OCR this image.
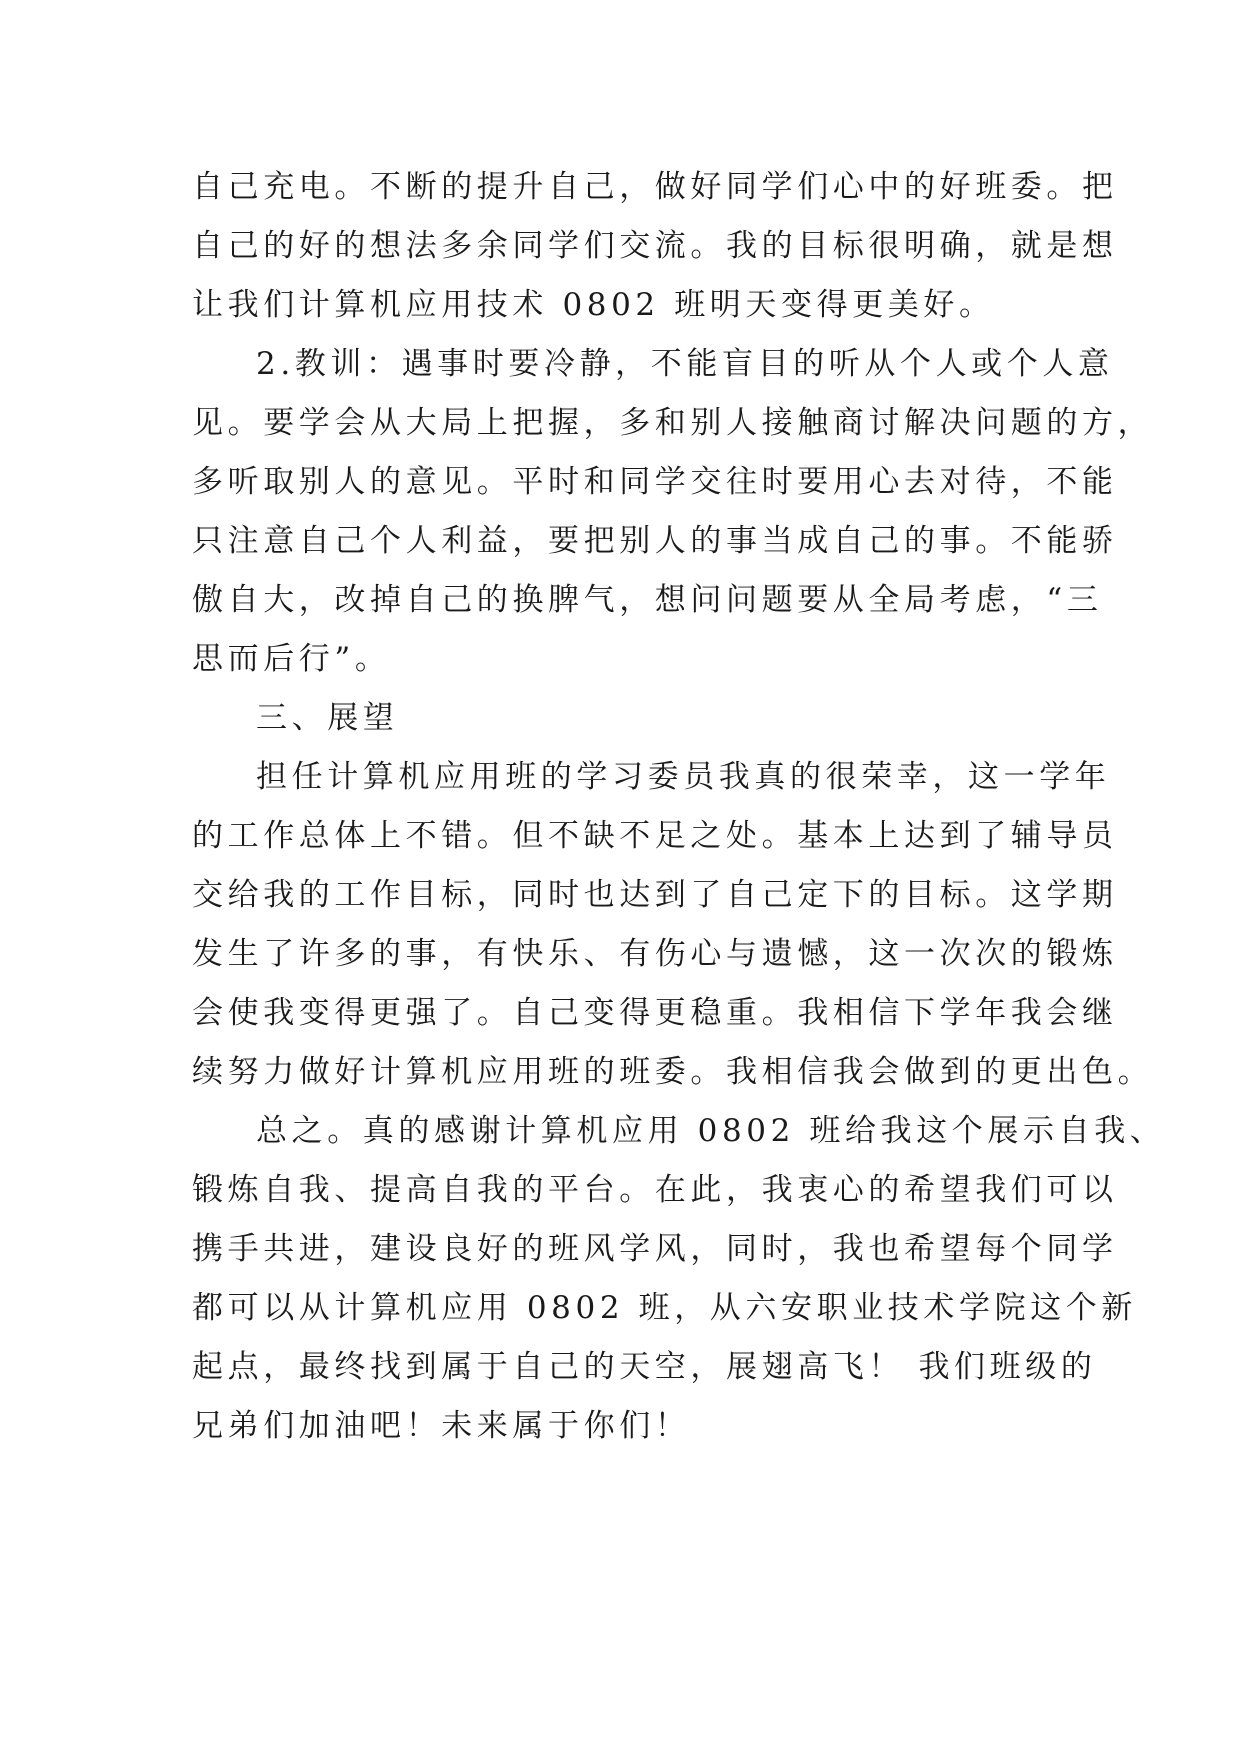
自己充电。不断的提升自己，做好同学们心中的好班委。把
自己的好的想法多余同学们交流。我的目标很明确，就是想
让我们计算机应用技术 0802 班明天变得更美好。
2.教训：遇事时要冷静，不能盲目的听从个人或个人意
见。要学会从大局上把握，多和别人接触商讨解决问题的方，
多听取别人的意见。平时和同学交往时要用心去对待，不能
只注意自己个人利益，要把别人的事当成自己的事。不能骄
傲自大，改掉自己的换脾气，想问问题要从全局考虑，“三
思而后行”。
三、展望
担任计算机应用班的学习委员我真的很荣幸，这一学年
的工作总体上不错。但不缺不足之处。基本上达到了辅导员
交给我的工作目标，同时也达到了自己定下的目标。这学期
发生了许多的事，有快乐、有伤心与遗憾，这一次次的锻炼
会使我变得更强了。自己变得更稳重。我相信下学年我会继
续努力做好计算机应用班的班委。我相信我会做到的更出色。
总之。真的感谢计算机应用 0802 班给我这个展示自我、
锻炼自我、提高自我的平台。在此，我衷心的希望我们可以
携手共进，建设良好的班风学风，同时，我也希望每个同学
都可以从计算机应用 0802 班，从六安职业技术学院这个新
起点，最终找到属于自己的天空，展翅高飞！ 我们班级的
兄弟们加油吧！未来属于你们！
